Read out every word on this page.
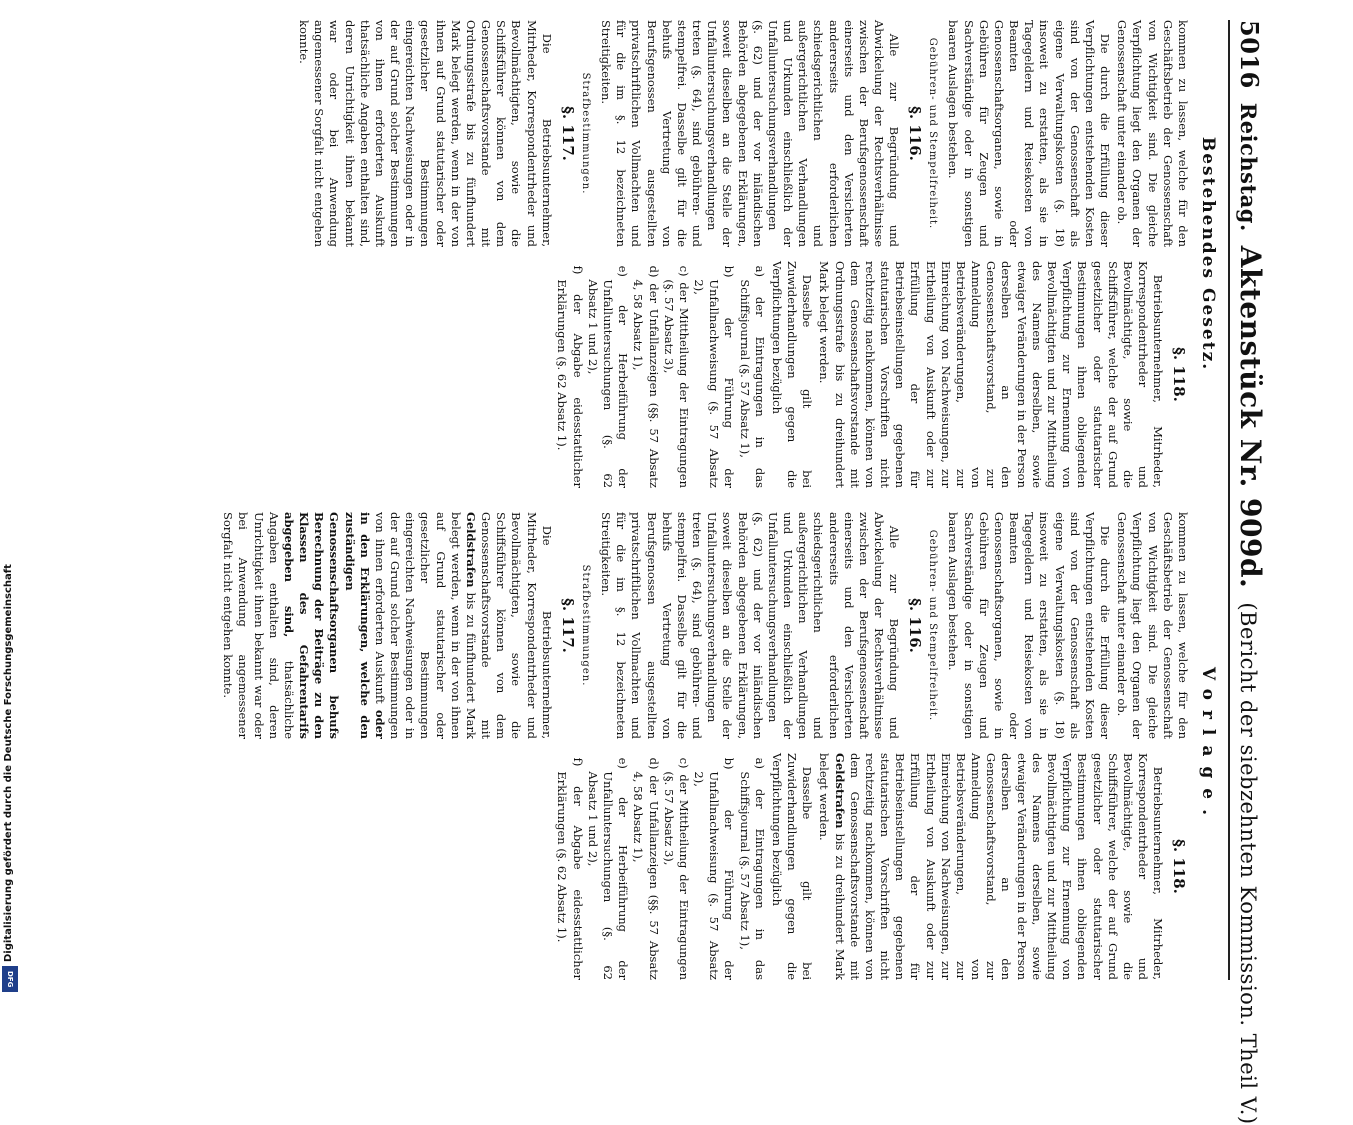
Digitalisierung gefördert durch die Deutsche Forschungsgemeinschaft
DFG
5016
Reichstag.
Aktenstück Nr. 909d.
(Bericht der siebzehnten Kommission. Theil V.)
Bestehendes Gesetz.

kommen zu lassen, welche für den Geschäftsbetrieb der Genossenschaft von Wichtigkeit sind. Die gleiche Verpflichtung liegt den Organen der Genossenschaft unter einander ob.

Die durch die Erfüllung dieser Verpflichtungen entstehenden Kosten sind von der Genossenschaft als eigene Verwaltungskosten (§. 18) insoweit zu erstatten, als sie in Tagegeldern und Reisekosten von Beamten oder Genossenschaftsorganen, sowie in Gebühren für Zeugen und Sachverständige oder in sonstigen baaren Auslagen bestehen.

Gebühren- und Stempelfreiheit.
§. 116.

Alle zur Begründung und Abwickelung der Rechtsverhältnisse zwischen der Berufsgenossenschaft einerseits und den Versicherten andererseits erforderlichen schiedsgerichtlichen und außergerichtlichen Verhandlungen und Urkunden einschließlich der Unfalluntersuchungsverhandlungen (§. 62) und der vor inländischen Behörden abgegebenen Erklärungen, soweit dieselben an die Stelle der Unfalluntersuchungsverhandlungen treten (§. 64), sind gebühren- und stempelfrei. Dasselbe gilt für die behufs Vertretung von Berufsgenossen ausgestellten privatschriftlichen Vollmachten und für die im §. 12 bezeichneten Streitigkeiten.

Strafbestimmungen.
§. 117.

Die Betriebsunternehmer, Mitrheder, Korrespondentrheder und Bevollmächtigten, sowie die Schiffsführer können von dem Genossenschaftsvorstande mit Ordnungsstrafe bis zu fünfhundert Mark belegt werden, wenn in der von ihnen auf Grund statutarischer oder gesetzlicher Bestimmungen eingereichten Nachweisungen oder in der auf Grund solcher Bestimmungen von ihnen erforderten Auskunft thatsächliche Angaben enthalten sind, deren Unrichtigkeit ihnen bekannt war oder bei Anwendung angemessener Sorgfalt nicht entgehen konnte.

§. 118.

Betriebsunternehmer, Mitrheder, Korrespondentrheder und Bevollmächtigte, sowie die Schiffsführer, welche der auf Grund gesetzlicher oder statutarischer Bestimmungen ihnen obliegenden Verpflichtung zur Ernennung von Bevollmächtigten und zur Mittheilung des Namens derselben, sowie etwaiger Veränderungen in der Person derselben an den Genossenschaftsvorstand, zur Anmeldung von Betriebsveränderungen, zur Einreichung von Nachweisungen, zur Ertheilung von Auskunft oder zur Erfüllung der für Betriebseinstellungen gegebenen statutarischen Vorschriften nicht rechtzeitig nachkommen, können von dem Genossenschaftsvorstande mit Ordnungsstrafe bis zu dreihundert Mark belegt werden.

Dasselbe gilt bei Zuwiderhandlungen gegen die Verpflichtungen bezüglich

a) der Eintragungen in das Schiffsjournal (§. 57 Absatz 1),
b) der Führung der Unfallnachweisung (§. 57 Absatz 2),
c) der Mittheilung der Eintragungen (§. 57 Absatz 3),
d) der Unfallanzeigen (§§. 57 Absatz 4, 58 Absatz 1),
e) der Herbeiführung der Unfalluntersuchungen (§. 62 Absatz 1 und 2),
f) der Abgabe eidesstattlicher Erklärungen (§. 62 Absatz 1).
Vorlage.

kommen zu lassen, welche für den Geschäftsbetrieb der Genossenschaft von Wichtigkeit sind. Die gleiche Verpflichtung liegt den Organen der Genossenschaft unter einander ob.

Die durch die Erfüllung dieser Verpflichtungen entstehenden Kosten sind von der Genossenschaft als eigene Verwaltungskosten (§. 18) insoweit zu erstatten, als sie in Tagegeldern und Reisekosten von Beamten oder Genossenschaftsorganen, sowie in Gebühren für Zeugen und Sachverständige oder in sonstigen baaren Auslagen bestehen.

Gebühren- und Stempelfreiheit.
§. 116.

Alle zur Begründung und Abwickelung der Rechtsverhältnisse zwischen der Berufsgenossenschaft einerseits und den Versicherten andererseits erforderlichen schiedsgerichtlichen und außergerichtlichen Verhandlungen und Urkunden einschließlich der Unfalluntersuchungsverhandlungen (§. 62) und der vor inländischen Behörden abgegebenen Erklärungen, soweit dieselben an die Stelle der Unfalluntersuchungsverhandlungen treten (§. 64), sind gebühren- und stempelfrei. Dasselbe gilt für die behufs Vertretung von Berufsgenossen ausgestellten privatschriftlichen Vollmachten und für die im §. 12 bezeichneten Streitigkeiten.

Strafbestimmungen.
§. 117.

Die Betriebsunternehmer, Mitrheder, Korrespondentrheder und Bevollmächtigten, sowie die Schiffsführer können von dem Genossenschaftsvorstande mit Geldstrafen bis zu fünfhundert Mark belegt werden, wenn in der von ihnen auf Grund statutarischer oder gesetzlicher Bestimmungen eingereichten Nachweisungen oder in der auf Grund solcher Bestimmungen von ihnen erforderten Auskunft oder in den Erklärungen, welche den zuständigen Genossenschaftsorganen behufs Berechnung der Beiträge zu den Klassen des Gefahrentarifs abgegeben sind, thatsächliche Angaben enthalten sind, deren Unrichtigkeit ihnen bekannt war oder bei Anwendung angemessener Sorgfalt nicht entgehen konnte.

§. 118.

Betriebsunternehmer, Mitrheder, Korrespondentrheder und Bevollmächtigte, sowie die Schiffsführer, welche der auf Grund gesetzlicher oder statutarischer Bestimmungen ihnen obliegenden Verpflichtung zur Ernennung von Bevollmächtigten und zur Mittheilung des Namens derselben, sowie etwaiger Veränderungen in der Person derselben an den Genossenschaftsvorstand, zur Anmeldung von Betriebsveränderungen, zur Einreichung von Nachweisungen, zur Ertheilung von Auskunft oder zur Erfüllung der für Betriebseinstellungen gegebenen statutarischen Vorschriften nicht rechtzeitig nachkommen, können von dem Genossenschaftsvorstande mit Geldstrafen bis zu dreihundert Mark belegt werden.

Dasselbe gilt bei Zuwiderhandlungen gegen die Verpflichtungen bezüglich

a) der Eintragungen in das Schiffsjournal (§. 57 Absatz 1),
b) der Führung der Unfallnachweisung (§. 57 Absatz 2),
c) der Mittheilung der Eintragungen (§. 57 Absatz 3),
d) der Unfallanzeigen (§§. 57 Absatz 4, 58 Absatz 1),
e) der Herbeiführung der Unfalluntersuchungen (§. 62 Absatz 1 und 2),
f) der Abgabe eidesstattlicher Erklärungen (§. 62 Absatz 1).
